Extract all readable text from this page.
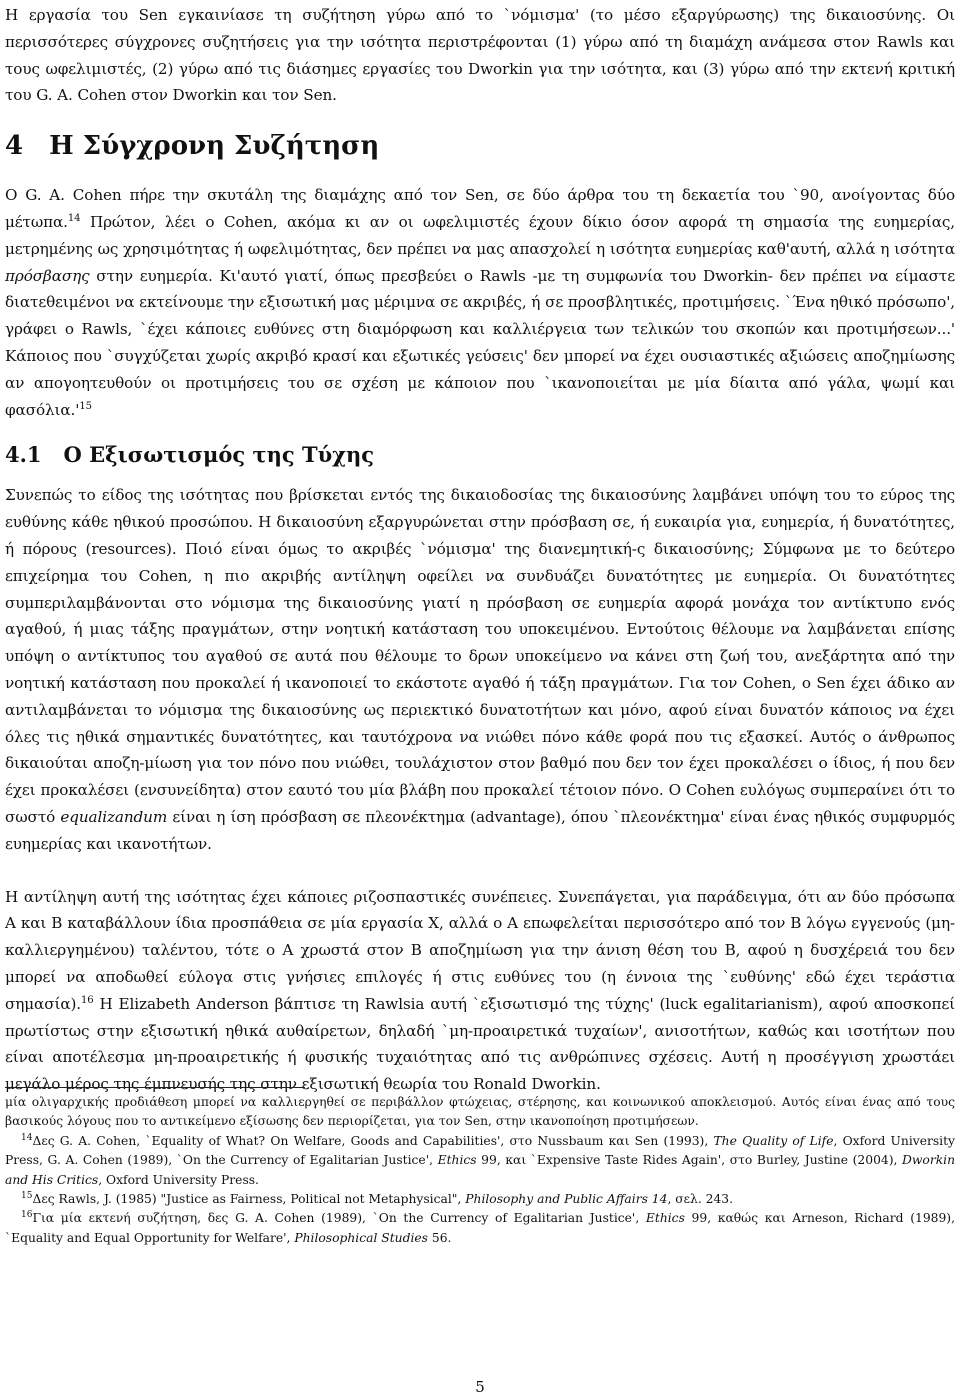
Η εργασία του Sen εγκαινίασε τη συζήτηση γύρω από το `νόμισμα' (το μέσο εξαργύρωσης) της δικαιοσύνης. Οι περισσότερες σύγχρονες συζητήσεις για την ισότητα περιστρέφονται (1) γύρω από τη διαμάχη ανάμεσα στον Rawls και τους ωφελιμιστές, (2) γύρω από τις διάσημες εργασίες του Dworkin για την ισότητα, και (3) γύρω από την εκτενή κριτική του G. A. Cohen στον Dworkin και τον Sen.

4 Η Σύγχρονη Συζήτηση

Ο G. A. Cohen πήρε την σκυτάλη της διαμάχης από τον Sen, σε δύο άρθρα του τη δεκαετία του `90, ανοίγοντας δύο μέτωπα.$^{14}$ Πρώτον, λέει ο Cohen, ακόμα κι αν οι ωφελιμιστές έχουν δίκιο όσον αφορά τη σημασία της ευημερίας, μετρημένης ως χρησιμότητας ή ωφελιμότητας, δεν πρέπει να μας απασχολεί η ισότητα ευημερίας καθ'αυτή, αλλά η ισότητα πρόσβασης στην ευημερία. Κι'αυτό γιατί, όπως πρεσβεύει ο Rawls -με τη συμφωνία του Dworkin- δεν πρέπει να είμαστε διατεθειμένοι να εκτείνουμε την εξισωτική μας μέριμνα σε ακριβές, ή σε προσβλητικές, προτιμήσεις. `Ένα ηθικό πρόσωπο', γράφει ο Rawls, `έχει κάποιες ευθύνες στη διαμόρφωση και καλλιέργεια των τελικών του σκοπών και προτιμήσεων...' Κάποιος που `συγχύζεται χωρίς ακριβό κρασί και εξωτικές γεύσεις' δεν μπορεί να έχει ουσιαστικές αξιώσεις αποζημίωσης αν απογοητευθούν οι προτιμήσεις του σε σχέση με κάποιον που `ικανοποιείται με μία δίαιτα από γάλα, ψωμί και $\varphi\alpha\sigma ό\lambda\iota\alpha.'^{15}$

4.1 Ο Εξισωτισμός της Τύχης

Συνεπώς το είδος της ισότητας που βρίσκεται εντός της δικαιοδοσίας της δικαιοσύνης λαμβάνει υπόψη του το εύρος της ευθύνης κάθε ηθικού προσώπου. Η δικαιοσύνη εξαργυρώνεται στην πρόσβαση σε, ή ευκαιρία για, ευημερία, ή δυνατότητες, ή πόρους (resources). Ποιό είναι όμως το ακριβές `νόμισμα' της διανεμητική-ς δικαιοσύνης; Σύμφωνα με το δεύτερο επιχείρημα του Cohen, η πιο ακριβής αντίληψη οφείλει να συνδυάζει δυνατότητες με ευημερία. Οι δυνατότητες συμπεριλαμβάνονται στο νόμισμα της δικαιοσύνης γιατί η πρόσβαση σε ευημερία αφορά μονάχα τον αντίκτυπο ενός αγαθού, ή μιας τάξης πραγμάτων, στην νοητική κατάσταση του υποκειμένου. Εντούτοις θέλουμε να λαμβάνεται επίσης υπόψη ο αντίκτυπος του αγαθού σε αυτά που θέλουμε το δρων υποκείμενο να κάνει στη ζωή του, ανεξάρτητα από την νοητική κατάσταση που προκαλεί ή ικανοποιεί το εκάστοτε αγαθό ή τάξη πραγμάτων. Για τον Cohen, ο Sen έχει άδικο αν αντιλαμβάνεται το νόμισμα της δικαιοσύνης ως περιεκτικό δυνατοτήτων και μόνο, αφού είναι δυνατόν κάποιος να έχει όλες τις ηθικά σημαντικές δυνατότητες, και ταυτόχρονα να νιώθει πόνο κάθε φορά που τις εξασκεί. Αυτός ο άνθρωπος δικαιούται αποζη-μίωση για τον πόνο που νιώθει, τουλάχιστον στον βαθμό που δεν τον έχει προκαλέσει ο ίδιος, ή που δεν έχει προκαλέσει (ενσυνείδητα) στον εαυτό του μία βλάβη που προκαλεί τέτοιον πόνο. Ο Cohen ευλόγως συμπεραίνει ότι το σωστό equalizandum είναι η ίση πρόσβαση σε πλεονέκτημα (advantage), όπου `πλεονέκτημα' είναι ένας ηθικός συμφυρμός ευημερίας και ικανοτήτων.

Η αντίληψη αυτή της ισότητας έχει κάποιες ριζοσπαστικές συνέπειες. Συνεπάγεται, για παράδειγμα, ότι αν δύο πρόσωπα Α και Β καταβάλλουν ίδια προσπάθεια σε μία εργασία Χ, αλλά ο Α επωφελείται περισσότερο από τον Β λόγω εγγενούς (μη-καλλιεργημένου) ταλέντου, τότε ο Α χρωστά στον Β αποζημίωση για την άνιση θέση του Β, αφού η δυσχέρειά του δεν μπορεί να αποδωθεί εύλογα στις γνήσιες επιλογές ή στις ευθύνες του (η έννοια της `ευθύνης' εδώ έχει τεράστια σημασία).$^{16}$ Η Elizabeth Anderson βάπτισε τη Rawlsia αυτή `εξισωτισμό της τύχης' (luck egalitarianism), αφού αποσκοπεί πρωτίστως στην εξισωτική ηθικά αυθαίρετων, δηλαδή `μη-προαιρετικά τυχαίων', ανισοτήτων, καθώς και ισοτήτων που είναι αποτέλεσμα μη-προαιρετικής ή φυσικής τυχαιότητας από τις ανθρώπινες σχέσεις. Αυτή η προσέγγιση χρωστάει μεγάλο μέρος της έμπνευσής της στην εξισωτική θεωρία του Ronald Dworkin.

μία ολιγαρχικής προδιάθεση μπορεί να καλλιεργηθεί σε περιβάλλον φτώχειας, στέρησης, και κοινωνικού αποκλεισμού. Αυτός είναι ένας από τους βασικούς λόγους που το αντικείμενο εξίσωσης δεν περιορίζεται, για τον Sen, στην ικανοποίηση προτιμήσεων.

$^{14}$Δες G. A. Cohen, `Equality of What? On Welfare, Goods and Capabilities', στο Nussbaum και Sen (1993), The Quality of Life, Oxford University Press, G. A. Cohen (1989), `On the Currency of Egalitarian Justice', Ethics 99, και `Expensive Taste Rides Again', στο Burley, Justine (2004), Dworkin and His Critics, Oxford University Press.

$^{15}$Δες Rawls, J. (1985) "Justice as Fairness, Political not Metaphysical", Philosophy and Public Affairs 14, σελ. 243.

$^{16}$Για μία εκτενή συζήτηση, δες G. A. Cohen (1989), `On the Currency of Egalitarian Justice', Ethics 99, καθώς και Arneson, Richard (1989), `Equality and Equal Opportunity for Welfare', Philosophical Studies 56.

5
